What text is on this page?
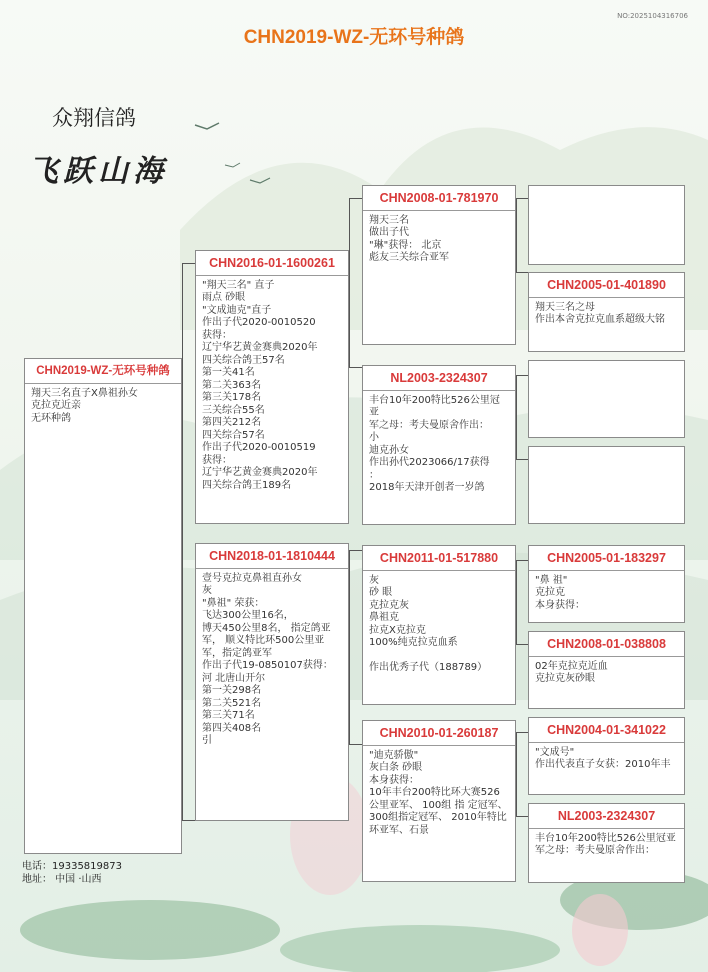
NO:2025104316706
CHN2019-WZ-无环号种鸽
众翔信鸽
飞跃山海
CHN2019-WZ-无环号种鸽
翔天三名直子X鼻祖孙女
克拉克近亲
无环种鸽
CHN2016-01-1600261
"翔天三名" 直子
雨点 砂眼
"文成迪克"直子
作出子代2020-0010520
获得：
辽宁华艺黄金赛典2020年
四关综合鸽王57名
第一关41名
第二关363名
第三关178名
三关综合55名
第四关212名
四关综合57名
作出子代2020-0010519
获得：
辽宁华艺黄金赛典2020年
四关综合鸽王189名
CHN2018-01-1810444
壹号克拉克鼻祖直孙女
灰
"鼻祖" 荣获：
飞达300公里16名，
博天450公里8名， 指定鸽亚军， 顺义特比环500公里亚军，指定鸽亚军
作出子代19-0850107获得：
河 北唐山开尔
第一关298名
第二关521名
第三关71名
第四关408名
引
CHN2008-01-781970
翔天三名
做出子代
"琳"获得： 北京
彪友三关综合亚军
NL2003-2324307
丰台10年200特比526公里冠亚
军之母：考夫曼原舍作出：
小
迪克孙女
作出孙代2023066/17获得
：
2018年天津开创者一岁鸽
CHN2011-01-517880
灰
砂 眼
克拉克灰
鼻祖克
拉克X克拉克
100%纯克拉克血系

作出优秀子代（188789）
CHN2010-01-260187
"迪克骄傲"
灰白条 砂眼
本身获得：
10年丰台200特比环大赛526公里亚军、 100组 指 定冠军、 300组指定冠军、 2010年特比环亚军、石景
CHN2005-01-401890
翔天三名之母
作出本舍克拉克血系超级大铭
CHN2005-01-183297
"鼻 祖"
克拉克
本身获得：
CHN2008-01-038808
02年克拉克近血
克拉克灰砂眼
CHN2004-01-341022
"文成号"
作出代表直子女获：2010年丰
NL2003-2324307
丰台10年200特比526公里冠亚
军之母：考夫曼原舍作出：
电话：19335819873
地址： 中国 ·山西
